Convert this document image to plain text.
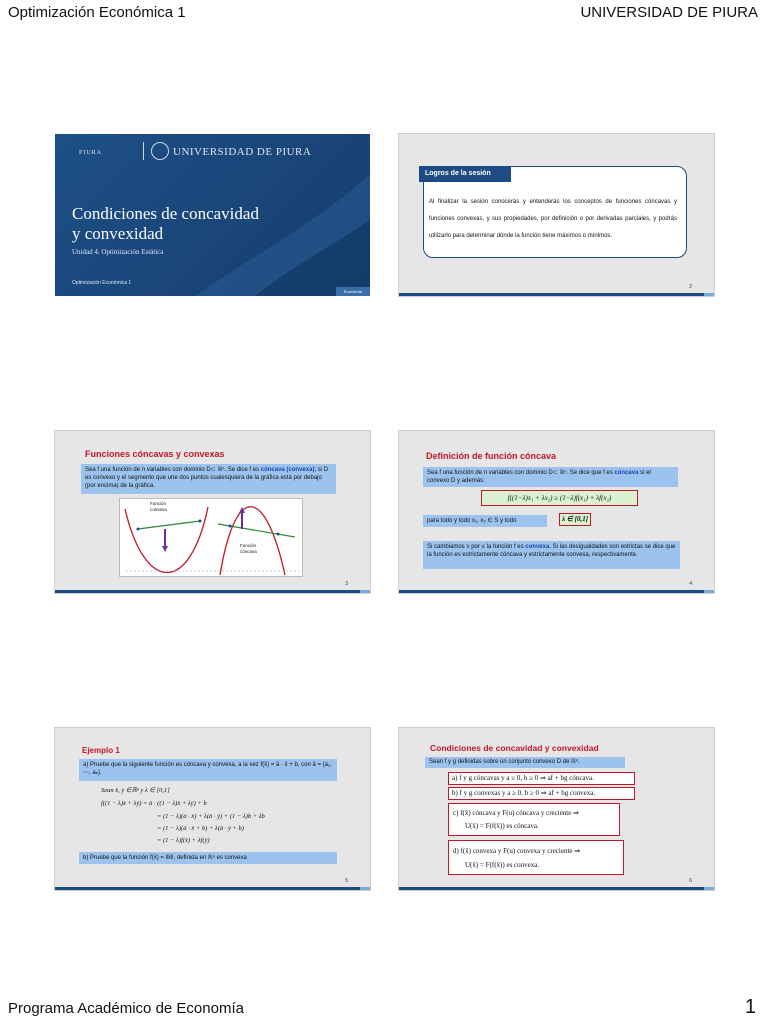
Optimización Económica 1	UNIVERSIDAD DE PIURA
PIURA	UNIVERSIDAD DE PIURA
Condiciones de concavidad
y convexidad
Unidad 4. Optimización Estática
Optimización Económica 1
Economía
Logros de la sesión
Al finalizar la sesión conocerás y entenderás los conceptos de funciones cóncavas y funciones convexas, y sus propiedades, por definición o por derivadas parciales, y podrás utilizarlo para determinar dónde la función tiene máximos o mínimos.
2
Funciones cóncavas y convexas
Sea f una función de n variables con dominio D⊂ ℝⁿ. Se dice f es cóncava (convexa); si D es convexo y el segmento que une dos puntos cualesquiera de la gráfica está por debajo (por encima) de la gráfica.
Función
convexa
Función
cóncava
3
Definición de función cóncava
Sea f una función de n variables con dominio D⊂ ℝⁿ. Se dice que f es cóncava si el convexo D y además:
f((1−λ)x₁ + λx₂) ≥ (1−λ)f(x₁) + λf(x₂)
para todo y todo x₁, x₂ ∈ S y todo	λ ∈ [0,1]
Si cambiamos ≥ por ≤ la función f es convexa. Si las desigualdades son estrictas se dice que la función es estrictamente cóncava y estrictamente convexa, respectivamente.
4
Ejemplo 1
a) Pruebe que la siguiente función es cóncava y convexa, a la vez f(x̄) = ā · x̄ + b, con ā = (a₁, ⋯, aₙ).
Sean x̄, ȳ ∈ℝⁿ y λ ∈ [0,1]
f((1 − λ)x̄ + λȳ) = ā · ((1 − λ)x̄ + λȳ) + b
= (1 − λ)(ā · x̄) + λ(ā · ȳ) + (1 − λ)b + λb
= (1 − λ)(ā · x̄ + b) + λ(ā · ȳ + b)
= (1 − λ)f(x̄) + λf(ȳ)
b) Pruebe que la función f(x̄) = ‖x̄‖, definida en ℝⁿ es convexa
5
Condiciones de concavidad y convexidad
Sean f y g definidas sobre un conjunto convexo D de ℝⁿ.
a) f y g cóncavas y a ≥ 0, b ≥ 0 ⇒ af + bg cóncava.
b) f y g convexas y a ≥ 0, b ≥ 0 ⇒ af + bg convexa.
c) f(x̄) cóncava y F(u) cóncava y creciente ⇒
U(x̄) = F(f(x̄)) es cóncava.
d) f(x̄) convexa y F(u) convexa y creciente ⇒
U(x̄) = F(f(x̄)) es convexa.
6
Programa Académico de Economía	1
